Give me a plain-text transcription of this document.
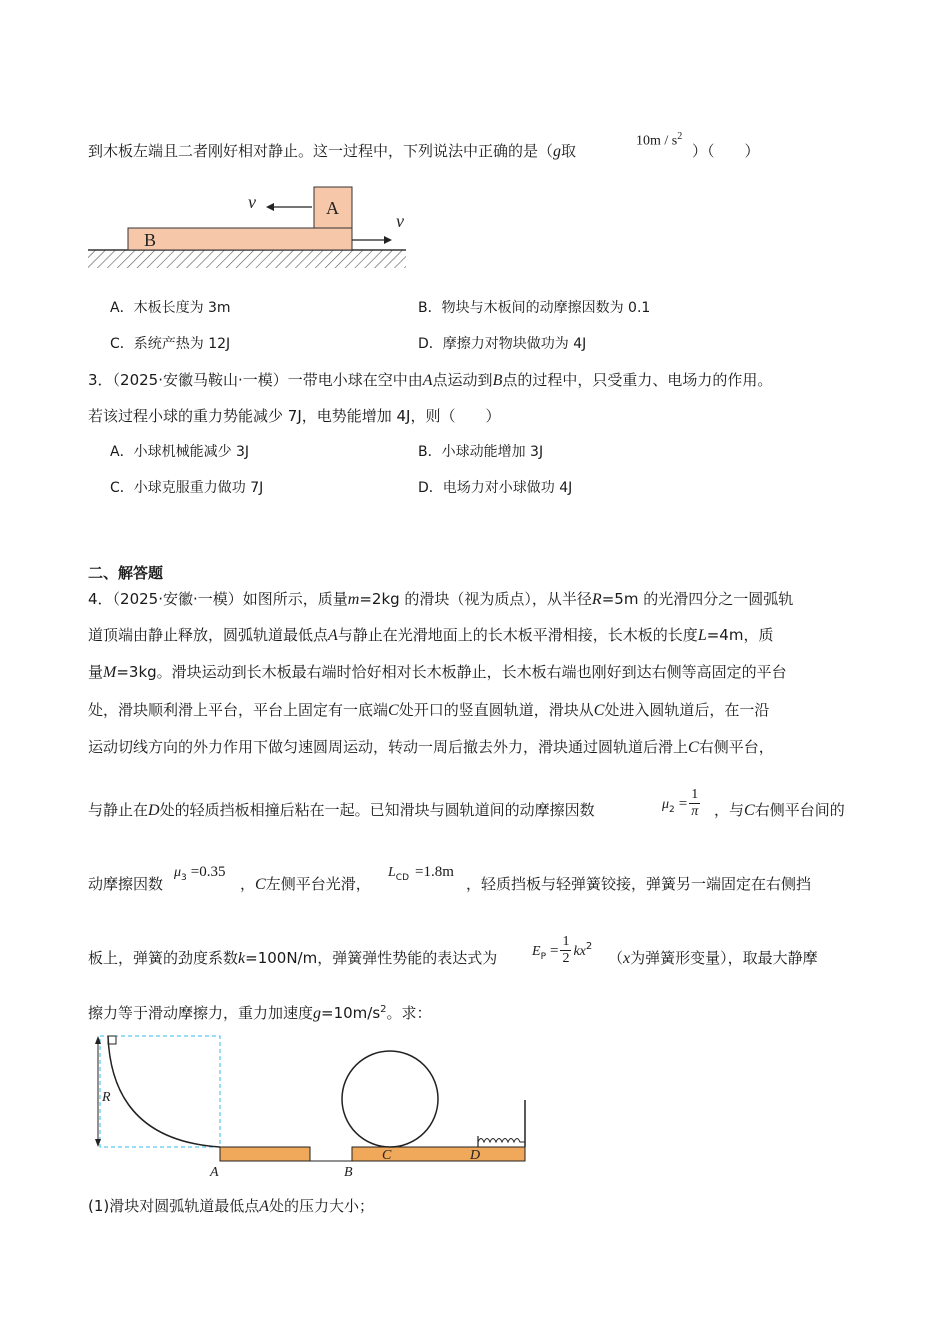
到木板左端且二者刚好相对静止。这一过程中，下列说法中正确的是（g取
$10m / s^2$
）（　　）
B
A
v
v
A．木板长度为 3m	B．物块与木板间的动摩擦因数为 0.1
C．系统产热为 12J	D．摩擦力对物块做功为 4J
3．（2025·安徽马鞍山·一模）一带电小球在空中由A点运动到B点的过程中，只受重力、电场力的作用。
若该过程小球的重力势能减少 7J，电势能增加 4J，则（　　）
A．小球机械能减少 3J	B．小球动能增加 3J
C．小球克服重力做功 7J	D．电场力对小球做功 4J
二、解答题
4．（2025·安徽·一模）如图所示，质量m=2kg 的滑块（视为质点），从半径R=5m 的光滑四分之一圆弧轨
道顶端由静止释放，圆弧轨道最低点A与静止在光滑地面上的长木板平滑相接，长木板的长度L=4m，质
量M=3kg。滑块运动到长木板最右端时恰好相对长木板静止，长木板右端也刚好到达右侧等高固定的平台
处，滑块顺利滑上平台，平台上固定有一底端C处开口的竖直圆轨道，滑块从C处进入圆轨道后，在一沿
运动切线方向的外力作用下做匀速圆周运动，转动一周后撤去外力，滑块通过圆轨道后滑上C右侧平台，
与静止在D处的轻质挡板相撞后粘在一起。已知滑块与圆轨道间的动摩擦因数	$\mu_2 = \frac{1}{\pi}$ ，与C右侧平台间的
动摩擦因数
$\mu_3 =0.35$
，C左侧平台光滑，
$L_{CD} =1.8m$
，轻质挡板与轻弹簧铰接，弹簧另一端固定在右侧挡
板上，弹簧的劲度系数k=100N/m，弹簧弹性势能的表达式为 $E_P = \frac{1}{2} kx^2$
（x为弹簧形变量），取最大静摩
擦力等于滑动摩擦力，重力加速度$g=10m/s^2$。求：
R
A	B
C	D
(1)滑块对圆弧轨道最低点A处的压力大小；
